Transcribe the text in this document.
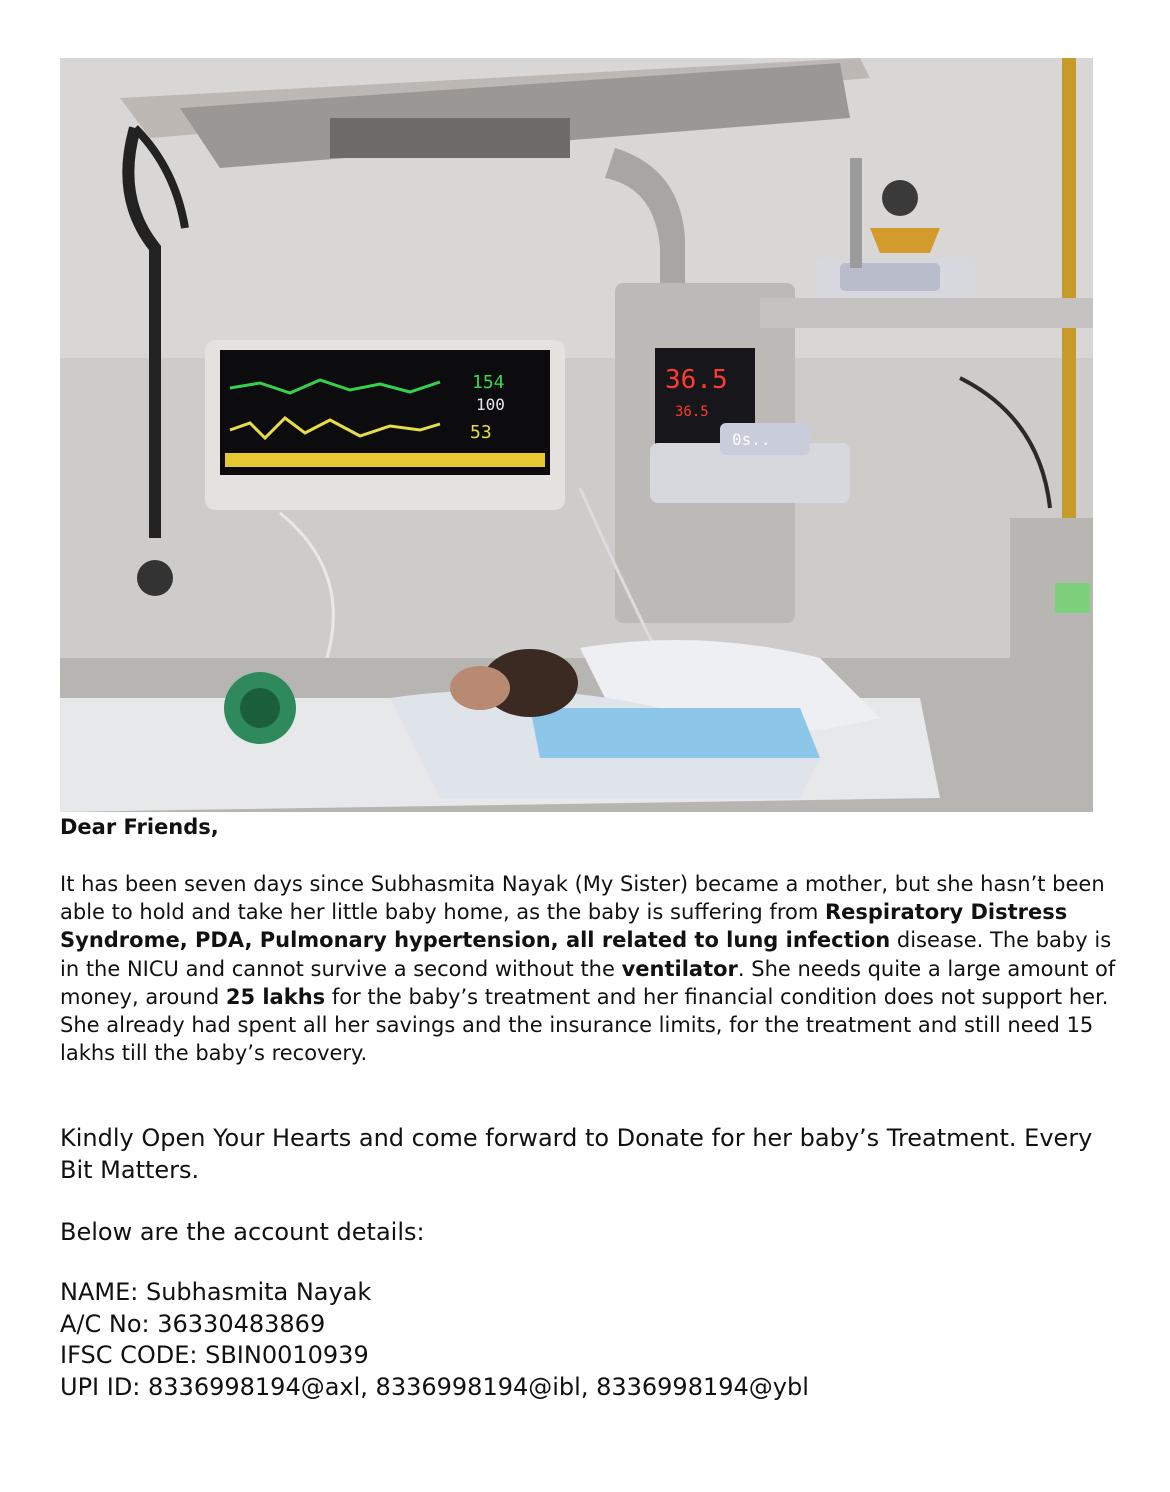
154
100
53
36.5
36.5
0s..

Dear Friends,

It has been seven days since Subhasmita Nayak (My Sister) became a mother, but she hasn’t been able to hold and take her little baby home, as the baby is suffering from Respiratory Distress Syndrome, PDA, Pulmonary hypertension, all related to lung infection disease. The baby is in the NICU and cannot survive a second without the ventilator. She needs quite a large amount of money, around 25 lakhs for the baby’s treatment and her financial condition does not support her. She already had spent all her savings and the insurance limits, for the treatment and still need 15 lakhs till the baby’s recovery.

Kindly Open Your Hearts and come forward to Donate for her baby’s Treatment. Every Bit Matters.

Below are the account details:

NAME: Subhasmita Nayak
A/C No: 36330483869
IFSC CODE: SBIN0010939
UPI ID: 8336998194@axl, 8336998194@ibl, 8336998194@ybl
